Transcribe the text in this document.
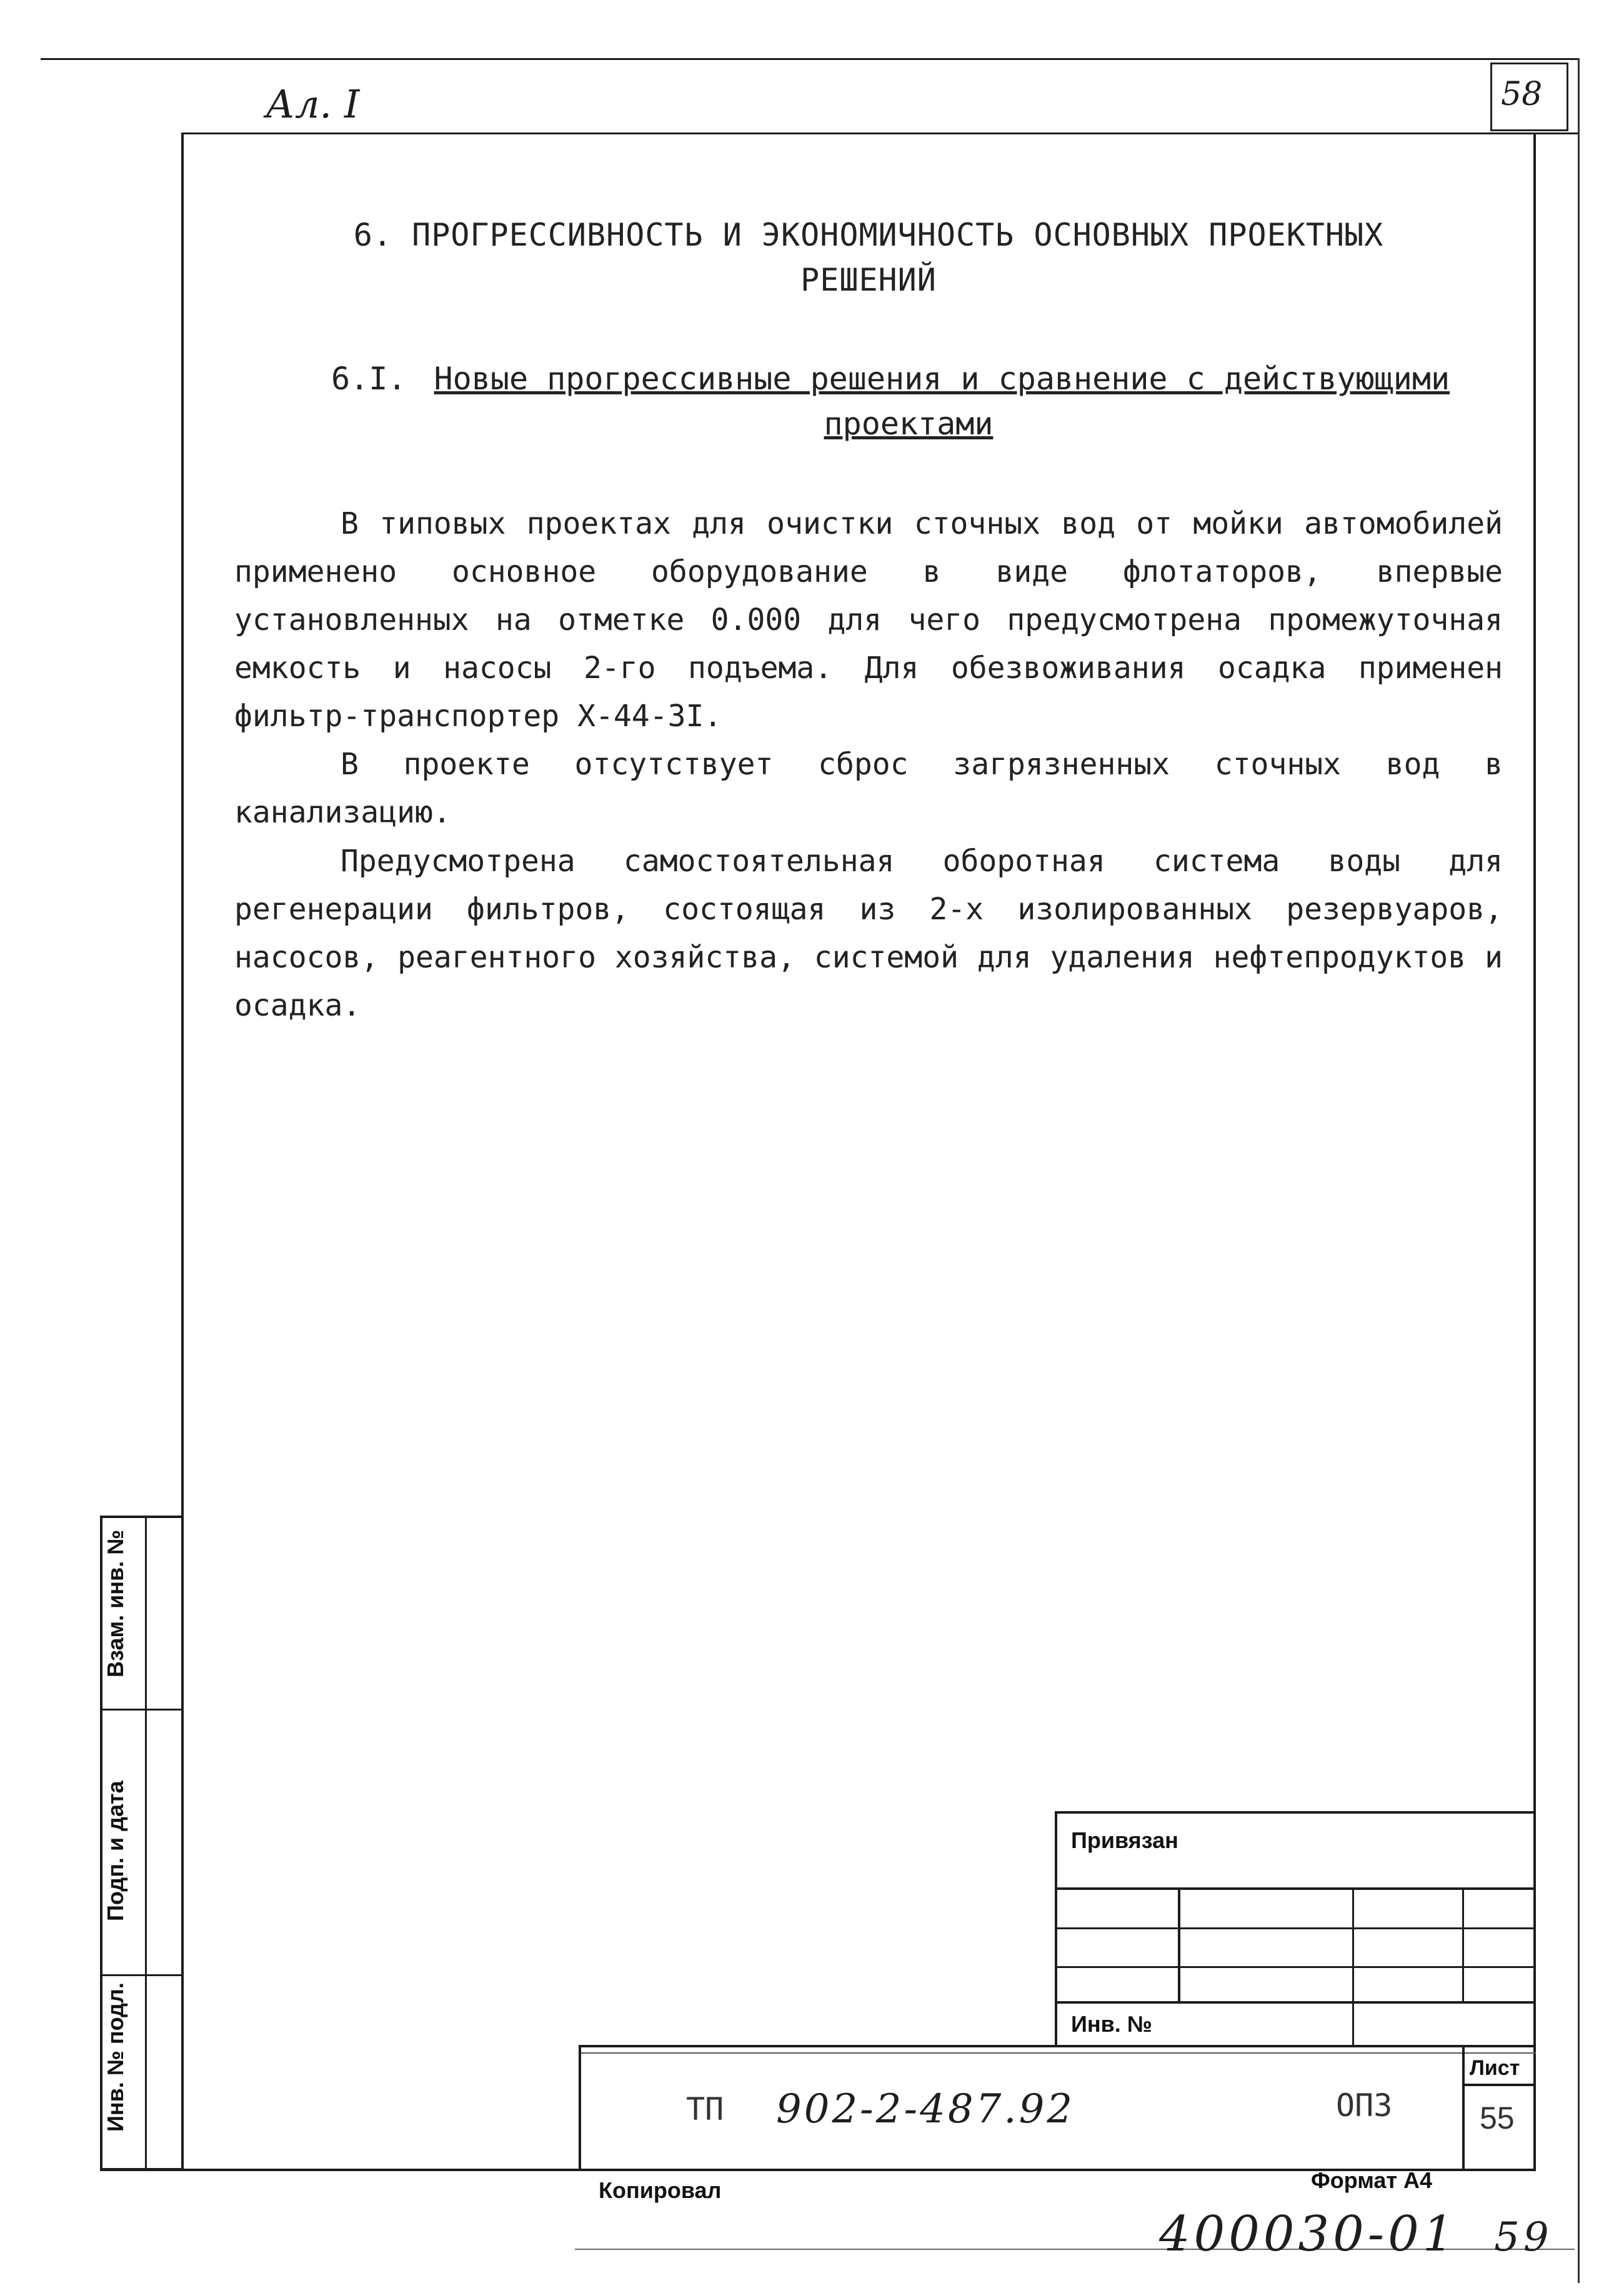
Ал. I	58
6. ПРОГРЕССИВНОСТЬ И ЭКОНОМИЧНОСТЬ ОСНОВНЫХ ПРОЕКТНЫХ
РЕШЕНИЙ
6.I. Новые прогрессивные решения и сравнение с действующими
проектами

В типовых проектах для очистки сточных вод от мойки автомобилей применено основное оборудование в виде флотаторов, впервые установленных на отметке 0.000 для чего предусмотрена промежуточная емкость и насосы 2-го подъема. Для обезвоживания осадка применен фильтр-транспортер Х-44-3I.

В проекте отсутствует сброс загрязненных сточных вод в канализацию.

Предусмотрена самостоятельная оборотная система воды для регенерации фильтров, состоящая из 2-х изолированных резервуаров, насосов, реагентного хозяйства, системой для удаления нефтепродуктов и осадка.

Взам. инв. №
Подп. и дата
Инв. № подл.
Привязан
Инв. №
Лист
55
ТП 902-2-487.92	ОПЗ
Копировал	Формат А4
400030-01 59
